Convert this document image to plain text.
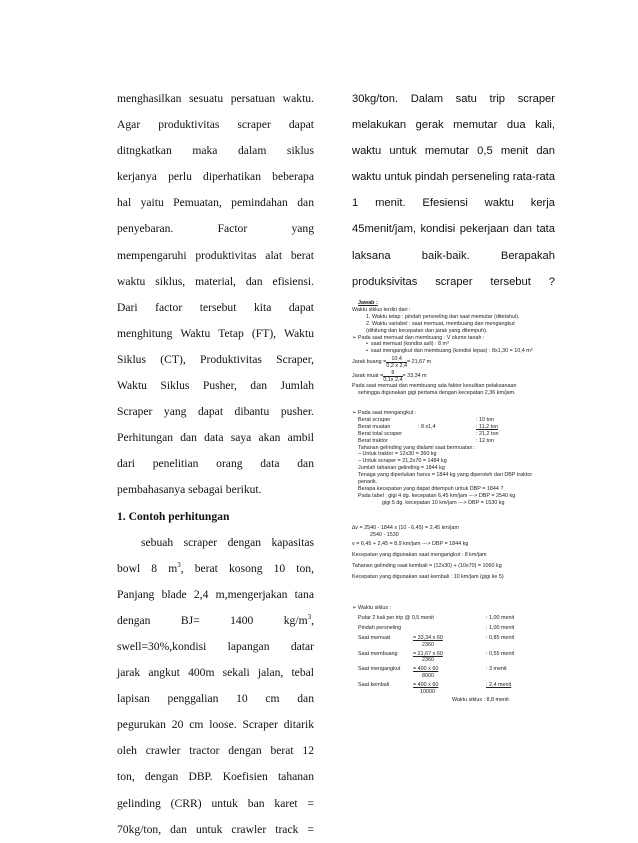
menghasilkan sesuatu persatuan waktu.

Agar produktivitas scraper dapat

ditngkatkan maka dalam siklus

kerjanya perlu diperhatikan beberapa

hal yaitu Pemuatan, pemindahan dan

penyebaran. Factor yang

mempengaruhi produktivitas alat berat

waktu siklus, material, dan efisiensi.

Dari factor tersebut kita dapat

menghitung Waktu Tetap (FT), Waktu

Siklus (CT), Produktivitas Scraper,

Waktu Siklus Pusher, dan Jumlah

Scraper yang dapat dibantu pusher.

Perhitungan dan data saya akan ambil

dari penelitian orang data dan

pembahasanya sebagai berikut.

1. Contoh perhitungan

sebuah scraper dengan kapasitas

bowl 8 $m^3$, berat kosong 10 ton,

Panjang blade 2,4 m,mengerjakan tana

dengan BJ= 1400 $kg/m^3$,

swell=30%,kondisi lapangan datar

jarak angkut 400m sekali jalan, tebal

lapisan penggalian 10 cm dan

pegurukan 20 cm loose. Scraper ditarik

oleh crawler tractor dengan berat 12

ton, dengan DBP. Koefisien tahanan

gelinding (CRR) untuk ban karet =

70kg/ton, dan untuk crawler track =

30kg/ton. Dalam satu trip scraper

melakukan gerak memutar dua kali,

waktu untuk memutar 0,5 menit dan

waktu untuk pindah perseneling rata-rata

1 menit. Efesiensi waktu kerja

45menit/jam, kondisi pekerjaan dan tata

laksana baik-baik. Berapakah

produksivitas scraper tersebut ?

Jawab :
Waktu siklus terdiri dari :
1. Waktu tetap : pindah persneling dan saat memutar (ditetahui).
2. Waktu variabel : saat memuat, membuang dan mengangkut
(dihitung dan kecepatan dan jarak yang ditempuh).
➢ Pada saat memuat dan membuang : V olume tanah :
• saat memuat (kondisi asli) : 8 m³
• saat mengangkut dan membuang (kondisi lepas) : 8x1,30 = 10,4 m³
Jarak buang = $\frac{10,4}{0,2 x 2,4} = 21,67$ m
Jarak muat = $\frac{8}{0,1x 2,4} = 33,34$ m
Pada saat memuat dan membuang ada faktor kesulitan pelaksanaan
sehingga digunakan gigi pertama dengan kecepatan 2,36 km/jam.
➢ Pada saat mengangkut :
Berat scraper	: 10 ton
Berat muatan	: 8 x1,4	: 11,2 ton
Berat total scraper	: 21,2 ton
Berat traktor	: 12 ton
Tahanan gelinding yang dialami saat bermuatan :
– Untuk traktor = 12x30 = 360 kg
– Untuk scraper = 21,2x70 = 1484 kg
Jumlah tahanan gelinding = 1844 kg
Tenaga yang diperlukan harus = 1844 kg yang diperoleh dari DBP traktor
penarik.
Berapa kecepatan yang dapat ditempuh untuk DBP = 1844 ?
Pada tabel : gigi 4 dg. kecepatan 6,45 km/jam ---> DBP = 2540 kg
gigi 5 dg. kecepatan 10 km/jam ---> DBP = 1530 kg
∆v = 2540 - 1844 x (10 - 6,45) = 2,45 km/jam
2540 - 1530
v = 6,45 + 2,45 = 8,9 km/jam ---> DBP = 1844 kg
Kecepatan yang digunakan saat mengangkut : 8 km/jam
Tahanan gelinding saat kembali = (12x30) + (10x70) = 1060 kg
Kecepatan yang digunakan saat kembali : 10 km/jam (gigi ke 5)
➢ Waktu siklus :
Putar 2 kali per trip @ 0,5 menit	: 1,00 menit
Pindah persneling	: 1,00 menit
Saat memuat	= 33,34 x 60	: 0,85 menit
2360
Saat membuang	= 21,67 x 60	: 0,55 menit
2360
Saat mengangkut	= 400 x 60	: 3 menit
8000
Saat kembali	= 400 x 60	: 2,4 menit
10000
Waktu siklus : 8,8 menit
